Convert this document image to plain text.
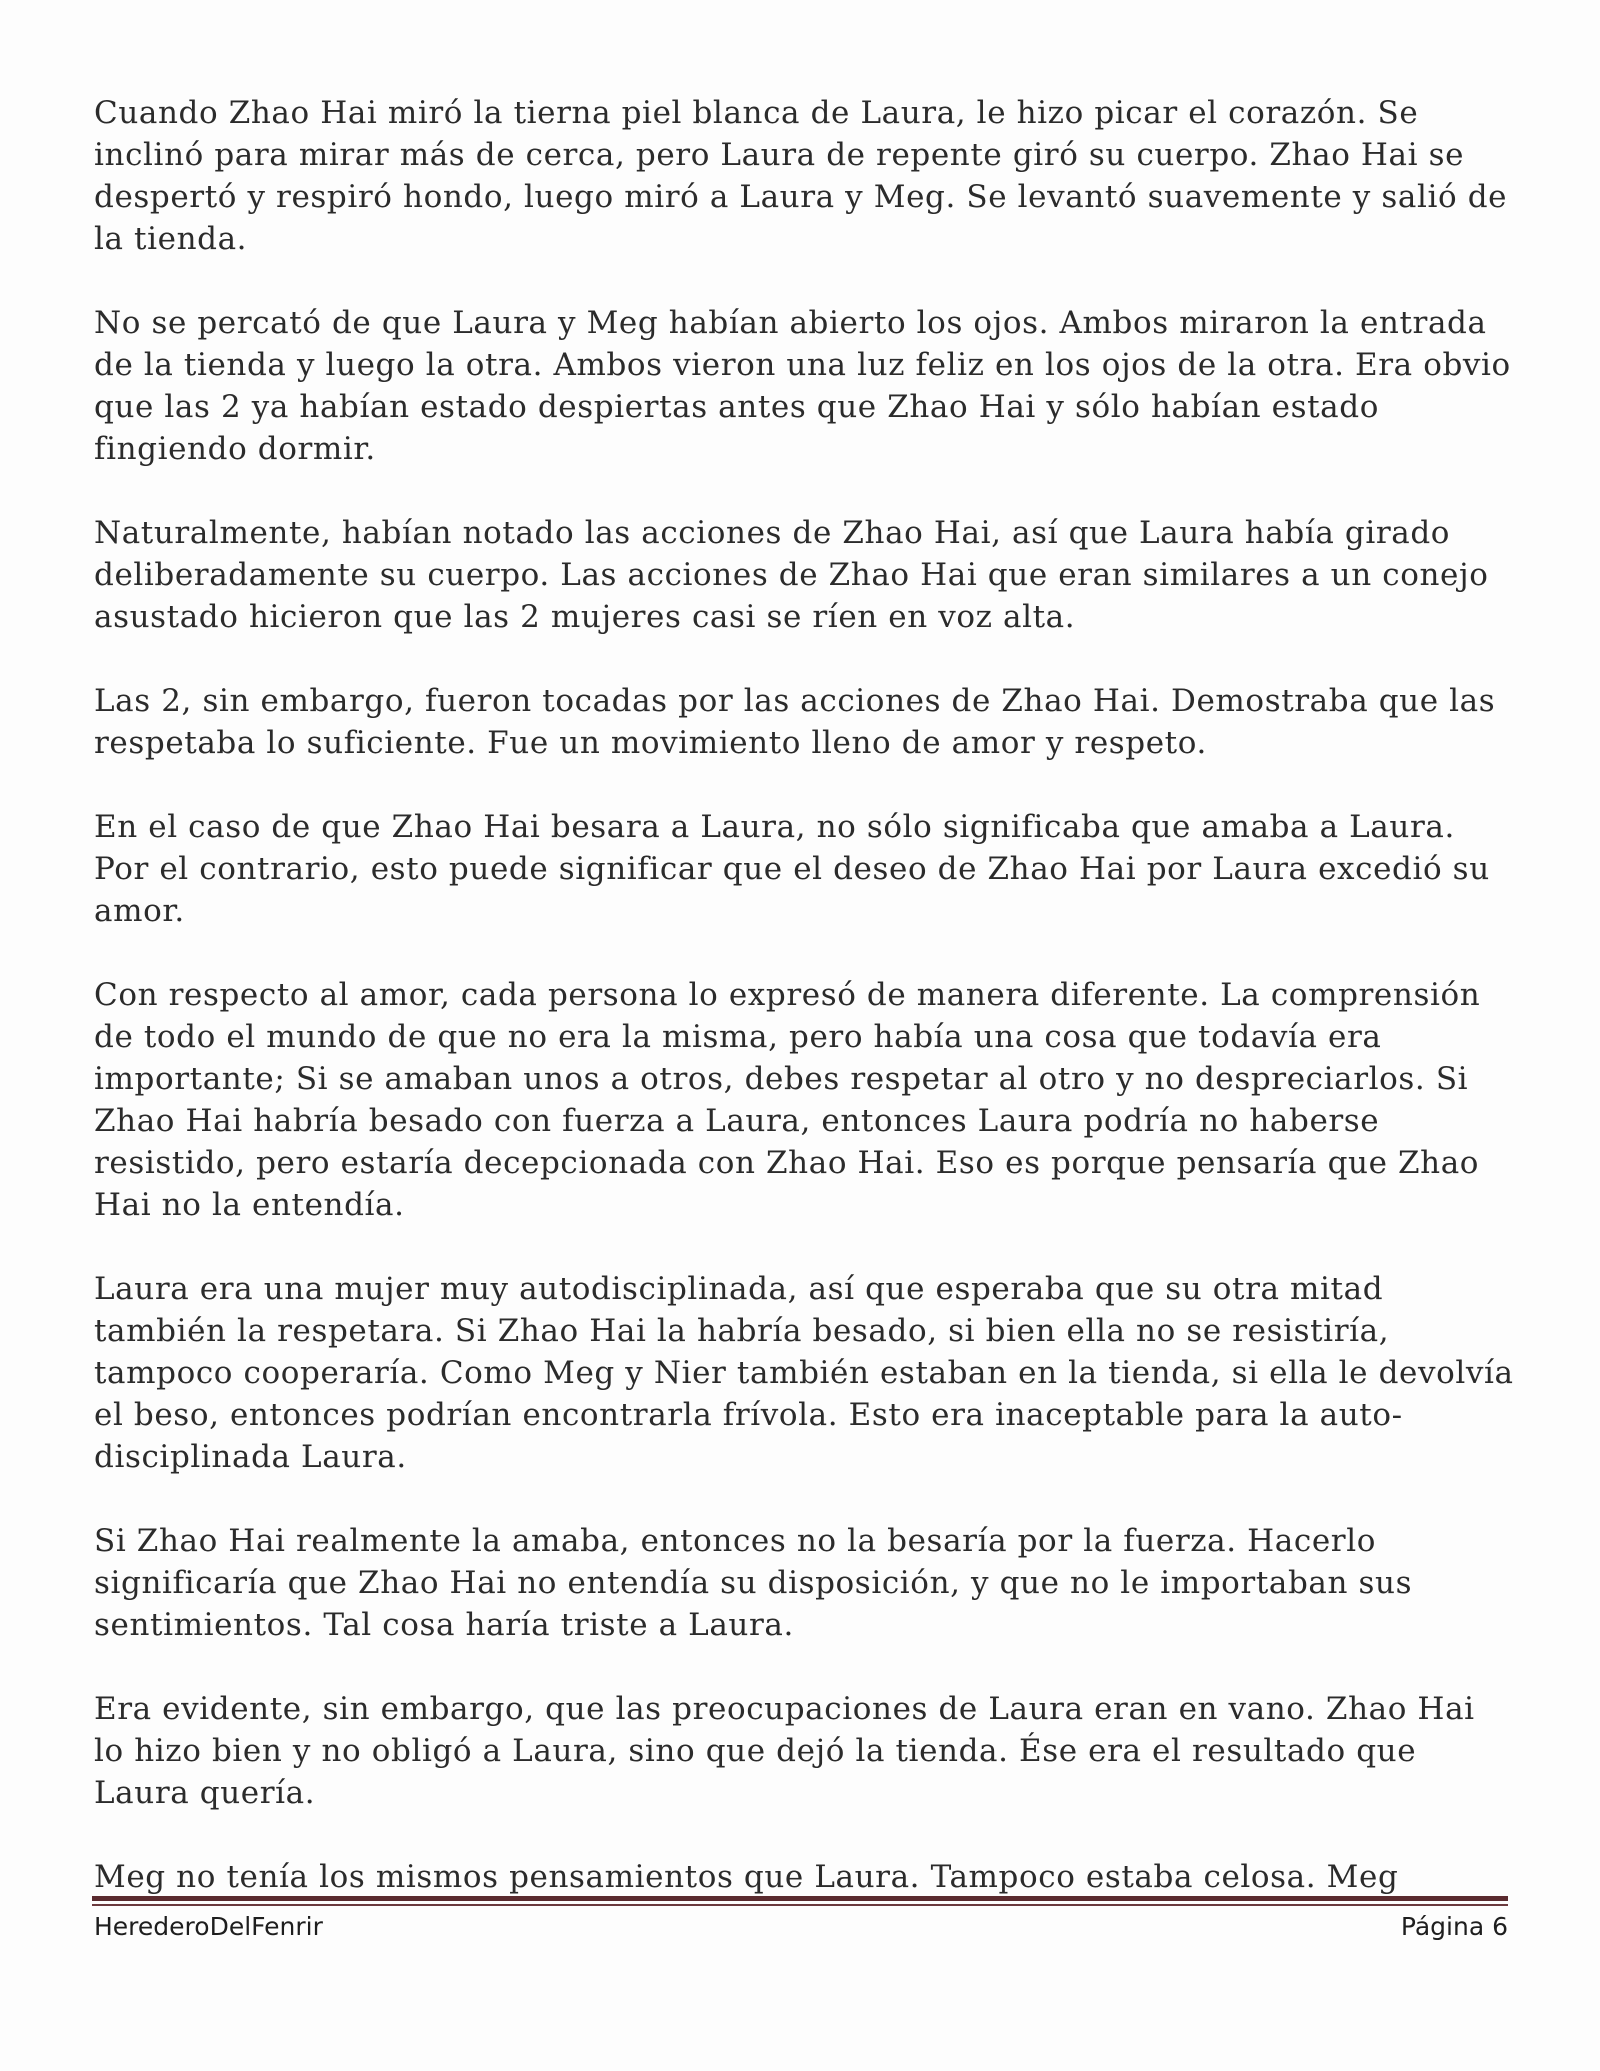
Cuando Zhao Hai miró la tierna piel blanca de Laura, le hizo picar el corazón. Se inclinó para mirar más de cerca, pero Laura de repente giró su cuerpo. Zhao Hai se despertó y respiró hondo, luego miró a Laura y Meg. Se levantó suavemente y salió de la tienda.

No se percató de que Laura y Meg habían abierto los ojos. Ambos miraron la entrada de la tienda y luego la otra. Ambos vieron una luz feliz en los ojos de la otra. Era obvio que las 2 ya habían estado despiertas antes que Zhao Hai y sólo habían estado fingiendo dormir.

Naturalmente, habían notado las acciones de Zhao Hai, así que Laura había girado deliberadamente su cuerpo. Las acciones de Zhao Hai que eran similares a un conejo asustado hicieron que las 2 mujeres casi se ríen en voz alta.

Las 2, sin embargo, fueron tocadas por las acciones de Zhao Hai. Demostraba que las respetaba lo suficiente. Fue un movimiento lleno de amor y respeto.

En el caso de que Zhao Hai besara a Laura, no sólo significaba que amaba a Laura. Por el contrario, esto puede significar que el deseo de Zhao Hai por Laura excedió su amor.

Con respecto al amor, cada persona lo expresó de manera diferente. La comprensión de todo el mundo de que no era la misma, pero había una cosa que todavía era importante; Si se amaban unos a otros, debes respetar al otro y no despreciarlos. Si Zhao Hai habría besado con fuerza a Laura, entonces Laura podría no haberse resistido, pero estaría decepcionada con Zhao Hai. Eso es porque pensaría que Zhao Hai no la entendía.

Laura era una mujer muy autodisciplinada, así que esperaba que su otra mitad también la respetara. Si Zhao Hai la habría besado, si bien ella no se resistiría, tampoco cooperaría. Como Meg y Nier también estaban en la tienda, si ella le devolvía el beso, entonces podrían encontrarla frívola. Esto era inaceptable para la auto-disciplinada Laura.

Si Zhao Hai realmente la amaba, entonces no la besaría por la fuerza. Hacerlo significaría que Zhao Hai no entendía su disposición, y que no le importaban sus sentimientos. Tal cosa haría triste a Laura.

Era evidente, sin embargo, que las preocupaciones de Laura eran en vano. Zhao Hai lo hizo bien y no obligó a Laura, sino que dejó la tienda. Ése era el resultado que Laura quería.

Meg no tenía los mismos pensamientos que Laura. Tampoco estaba celosa. Meg

HerederoDelFenrir	Página 6
